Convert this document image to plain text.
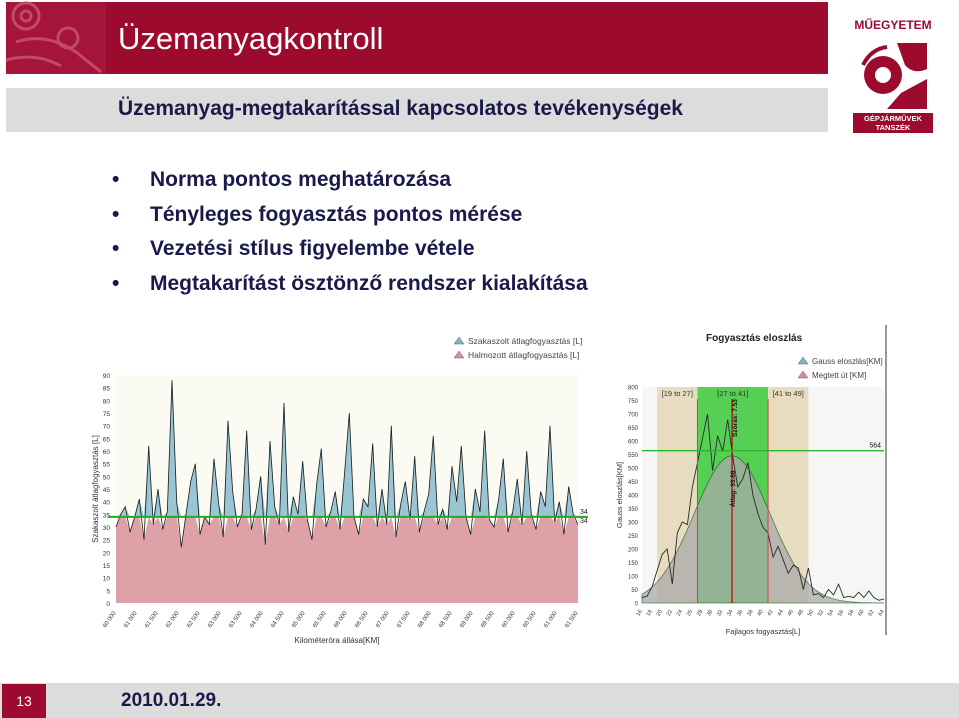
Üzemanyagkontroll
Üzemanyag-megtakarítással kapcsolatos tevékenységek
MŰEGYETEM
GÉPJÁRMŰVEK
TANSZÉK
• Norma pontos meghatározása
• Tényleges fogyasztás pontos mérése
• Vezetési stílus figyelembe vétele
• Megtakarítást ösztönző rendszer kialakítása
Szakaszolt átlagfogyasztás [L]
Halmozott átlagfogyasztás [L]
90
85
80
75
70
65
60
55
50
45
40
35
30
25
20
15
10
5
0
Szakaszolt átlagfogyasztás [L]	34
34
60 000 61 000 61 500 62 000 62 500 63 000 63 500 64 000 64 500 65 000 65 500 66 000 66 500 67 000 67 500 68 000 68 500 69 000 69 500 60 000 60 500 61 000 61 500
Kilométeróra állása[KM]
Fogyasztás eloszlás
Gauss eloszlás[KM]
Megtett út [KM]
[19 to 27]	[27 to 41]	[41 to 49]
800
750
700
650
600
550
500
450
400
350
300
250
200
150
100
50
0
Gauss eloszlás[KM]	Átlag: 33.86
Szórás: 7.53
564
16 18 20 22 24 26 28 30 32 34 36 38 40 42 44 46 48 50 52 54 56 58 60 62 64
Fajlagos fogyasztás[L]
13	2010.01.29.
